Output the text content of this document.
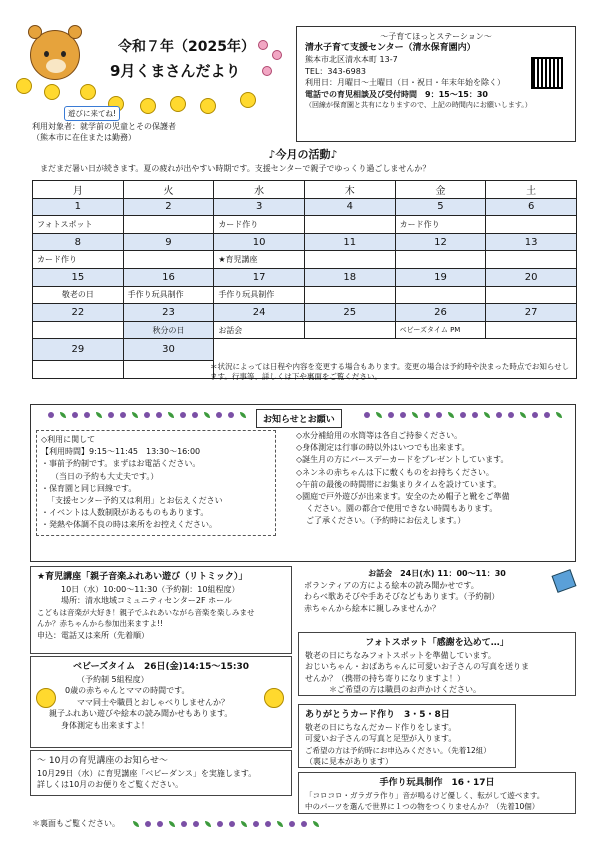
令和７年（2025年）
9月くまさんだより
遊びに来てね!
利用対象者：就学前の児童とその保護者
（熊本市に在住または勤務）
～子育てほっとステーション～
清水子育て支援センター（清水保育園内）
熊本市北区清水本町 13-7
TEL：343-6983
利用日：月曜日～土曜日（日・祝日・年末年始を除く）
電話での育児相談及び受付時間　9：15～15：30
（回線が保育園と共有になりますので、上記の時間内にお願いします。）
♪今月の活動♪
まだまだ暑い日が続きます。夏の疲れが出やすい時期です。支援センターで親子でゆっくり過ごしませんか？
月	火	水	木	金	土
1	2	3	4	5	6
フォトスポット		カード作り		カード作り	
8	9	10	11	12	13
カード作り		★育児講座			
15	16	17	18	19	20
敬老の日	手作り玩具制作	手作り玩具制作			
22	23	24	25	26	27
	秋分の日	お話会		ベビーズタイム PM	
29	30				

＊状況によっては日程や内容を変更する場合もあります。変更の場合は予約時や決まった時点でお知らせします。行事等、詳しくは下や裏面をご覧ください。
お知らせとお願い
◇利用に関して
【利用時間】9:15～11:45　13:30～16:00
・事前予約制です。まずはお電話ください。
（当日の予約も大丈夫です。）
・保育園と同じ回線です。
「支援センター予約又は利用」とお伝えください
・イベントは人数制限があるものもあります。
・発熱や体調不良の時は来所をお控えください。
◇水分補給用の水筒等は各自ご持参ください。
◇身体測定は行事の時以外はいつでも出来ます。
◇誕生月の方にバースデーカードをプレゼントしています。
◇ネンネの赤ちゃんは下に敷くものをお持ちください。
◇午前の最後の時間帯にお集まりタイムを設けています。
◇園庭で戸外遊びが出来ます。安全のため帽子と靴をご準備
ください。園の都合で使用できない時間もあります。
ご了承ください。（予約時にお伝えします。）
★育児講座「親子音楽ふれあい遊び（リトミック）」
10日（水）10:00～11:30（予約制：10組程度）
場所：清水地域コミュニティセンター2F ホール
こどもは音楽が大好き！親子でふれあいながら音楽を楽しみませ
んか？赤ちゃんから参加出来ますよ!!
申込：電話又は来所（先着順）
ベビーズタイム　26日(金)14:15～15:30
（予約制 5組程度）
0歳の赤ちゃんとママの時間です。
ママ同士や職員とおしゃべりしませんか？
親子ふれあい遊びや絵本の読み聞かせもあります。
身体測定も出来ますよ！
～ 10月の育児講座のお知らせ～
10月29日（水）に育児講座「ベビーダンス」を実施します。
詳しくは10月のお便りをご覧ください。
お話会　24日(水) 11：00～11：30
ボランティアの方による絵本の読み聞かせです。
わらべ歌あそびや手あそびなどもあります。（予約制）
赤ちゃんから絵本に親しみませんか？
フォトスポット「感謝を込めて…」
敬老の日にちなみフォトスポットを準備しています。
おじいちゃん・おばあちゃんに可愛いお子さんの写真を送りま
せんか？（携帯の持ち寄りになりますよ！）
＊ご希望の方は職員のお声かけください。
ありがとうカード作り　3・5・8日
敬老の日にちなんだカード作りをします。
可愛いお子さんの写真と足型が入ります。
ご希望の方は予約時にお申込みください。（先着12組）
（裏に見本があります）
手作り玩具制作　16・17日
「コロコロ・ガラガラ作り」音が鳴るけど優しく、転がして遊べます。
中のパーツを選んで世界に１つの物をつくりませんか？（先着10個）
＊裏面もご覧ください。
